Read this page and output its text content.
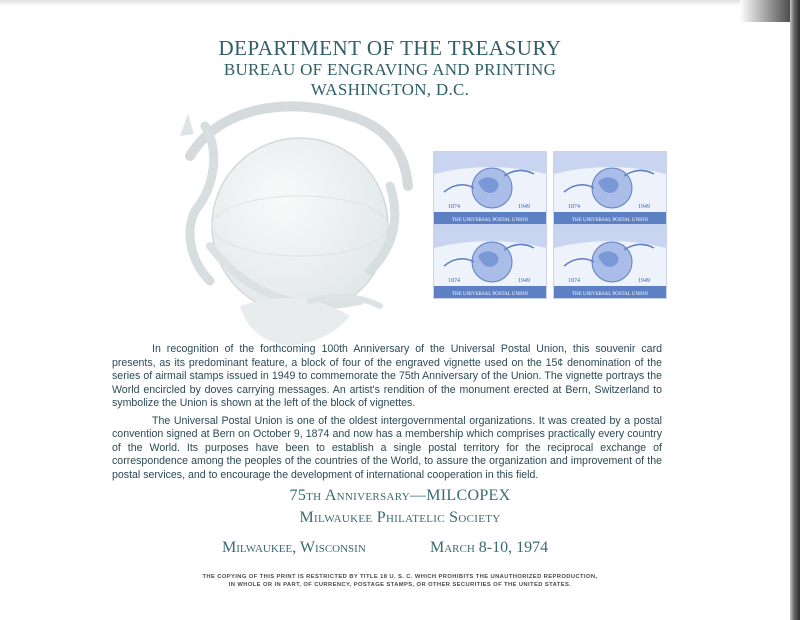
DEPARTMENT OF THE TREASURY
BUREAU OF ENGRAVING AND PRINTING
WASHINGTON, D.C.
1874	1949
THE UNIVERSAL POSTAL UNION
1874	1949
THE UNIVERSAL POSTAL UNION
1874	1949
THE UNIVERSAL POSTAL UNION
1874	1949
THE UNIVERSAL POSTAL UNION

In recognition of the forthcoming 100th Anniversary of the Universal Postal Union, this souvenir card presents, as its predominant feature, a block of four of the engraved vignette used on the 15¢ denomination of the series of airmail stamps issued in 1949 to commemorate the 75th Anniversary of the Union. The vignette portrays the World encircled by doves carrying messages. An artist's rendition of the monument erected at Bern, Switzerland to symbolize the Union is shown at the left of the block of vignettes.

The Universal Postal Union is one of the oldest intergovernmental organizations. It was created by a postal convention signed at Bern on October 9, 1874 and now has a membership which comprises practically every country of the World. Its purposes have been to establish a single postal territory for the reciprocal exchange of correspondence among the peoples of the countries of the World, to assure the organization and improvement of the postal services, and to encourage the development of international cooperation in this field.

75th Anniversary—MILCOPEX
Milwaukee Philatelic Society
Milwaukee, Wisconsin	March 8-10, 1974
THE COPYING OF THIS PRINT IS RESTRICTED BY TITLE 18 U. S. C. WHICH PROHIBITS THE UNAUTHORIZED REPRODUCTION,
IN WHOLE OR IN PART, OF CURRENCY, POSTAGE STAMPS, OR OTHER SECURITIES OF THE UNITED STATES.
